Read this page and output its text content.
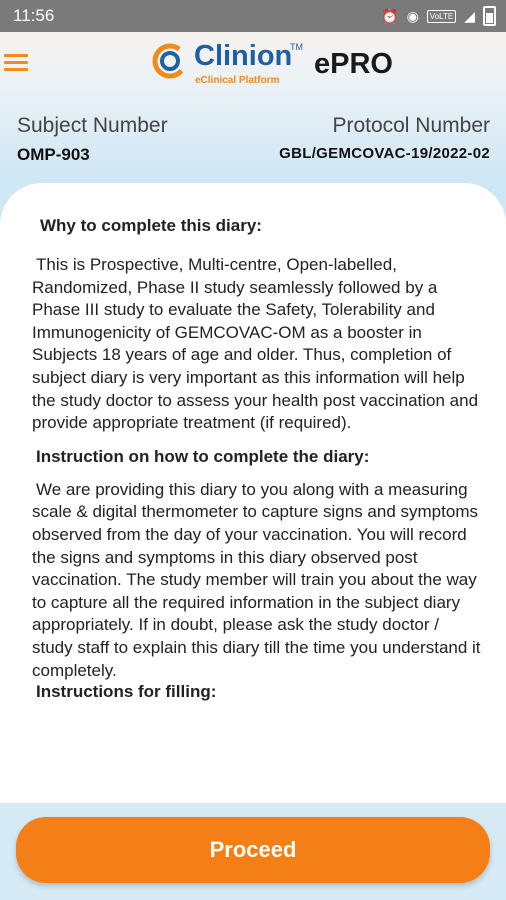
11:56	⏰ ◉	VoLTE ◢
Clinion
TM
eClinical Platform
ePRO
Subject Number
OMP-903
Protocol Number
GBL/GEMCOVAC-19/2022-02

Why to complete this diary:

This is Prospective, Multi-centre, Open-labelled, Randomized, Phase II study seamlessly followed by a Phase III study to evaluate the Safety, Tolerability and Immunogenicity of GEMCOVAC-OM as a booster in Subjects 18 years of age and older. Thus, completion of subject diary is very important as this information will help the study doctor to assess your health post vaccination and provide appropriate treatment (if required).

Instruction on how to complete the diary:

We are providing this diary to you along with a measuring scale & digital thermometer to capture signs and symptoms observed from the day of your vaccination. You will record the signs and symptoms in this diary observed post vaccination. The study member will train you about the way to capture all the required information in the subject diary appropriately. If in doubt, please ask the study doctor / study staff to explain this diary till the time you understand it completely.

Instructions for filling:

Proceed
